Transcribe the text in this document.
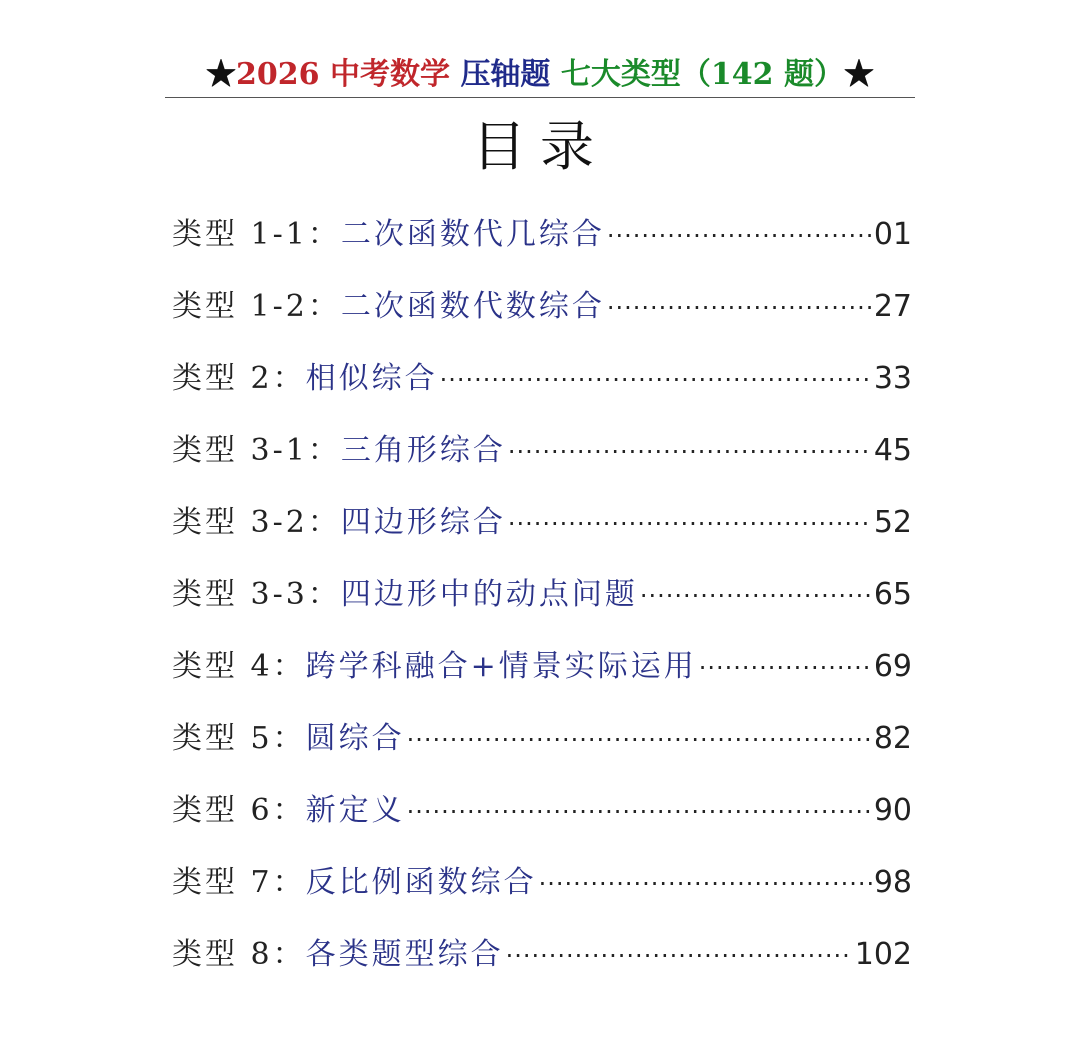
★2026 中考数学 压轴题 七大类型（142 题）★
目录
类型 1-1： 二次函数代几综合 ·····	01
类型 1-2： 二次函数代数综合 ·····	27
类型 2： 相似综合 ·····	33
类型 3-1： 三角形综合 ·····	45
类型 3-2： 四边形综合 ·····	52
类型 3-3： 四边形中的动点问题 ·····	65
类型 4： 跨学科融合+情景实际运用 ·····	69
类型 5： 圆综合 ·····	82
类型 6： 新定义 ·····	90
类型 7： 反比例函数综合 ·····	98
类型 8： 各类题型综合 ·····	102
